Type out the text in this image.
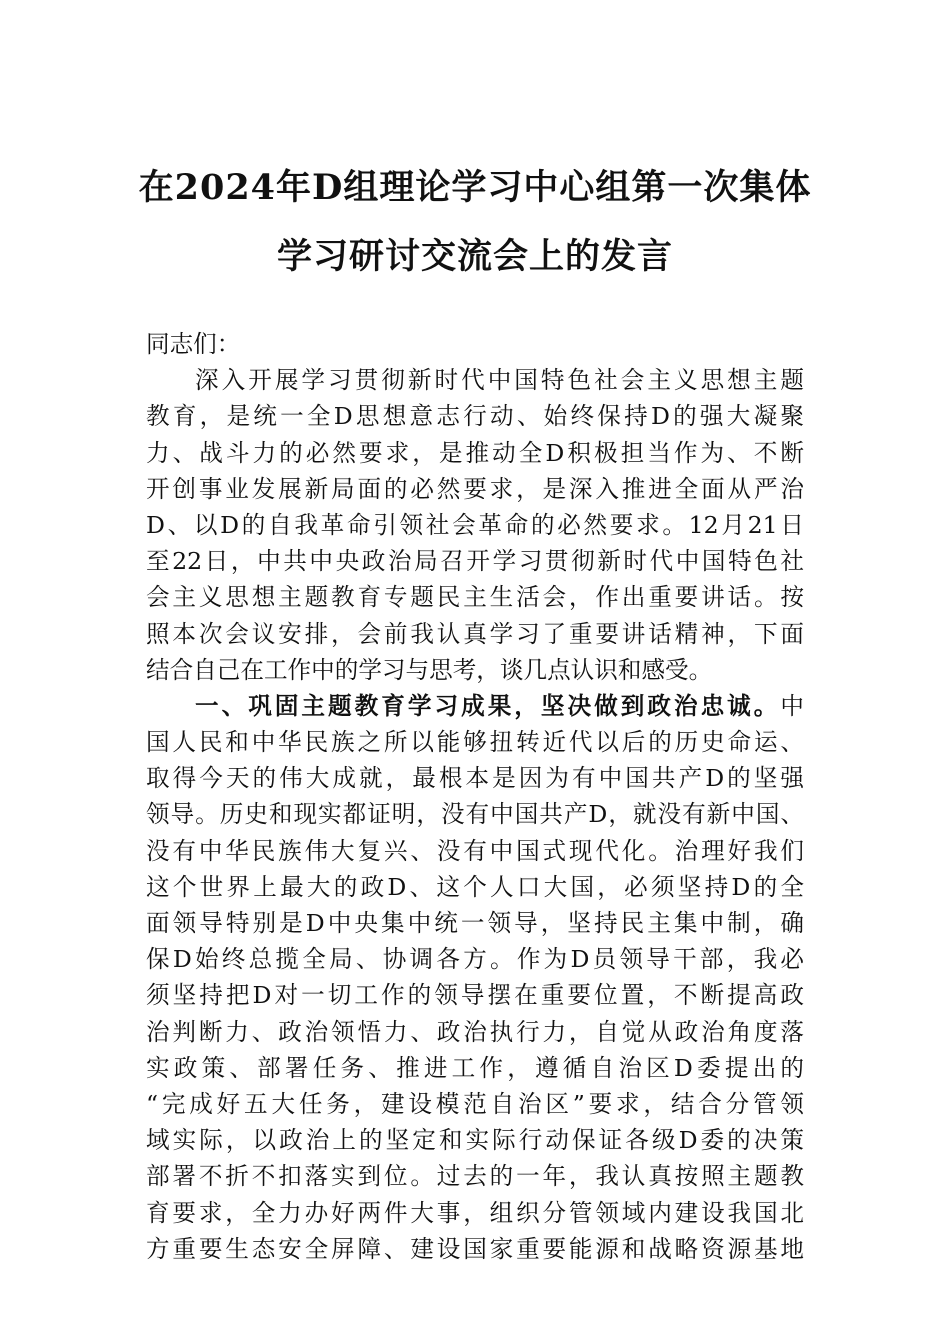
在2024年D组理论学习中心组第一次集体
学习研讨交流会上的发言
同志们：
深入开展学习贯彻新时代中国特色社会主义思想主题
教育，是统一全D思想意志行动、始终保持D的强大凝聚
力、战斗力的必然要求，是推动全D积极担当作为、不断
开创事业发展新局面的必然要求，是深入推进全面从严治
D、以D的自我革命引领社会革命的必然要求。12月21日
至22日，中共中央政治局召开学习贯彻新时代中国特色社
会主义思想主题教育专题民主生活会，作出重要讲话。按
照本次会议安排，会前我认真学习了重要讲话精神，下面
结合自己在工作中的学习与思考，谈几点认识和感受。
一、巩固主题教育学习成果，坚决做到政治忠诚。中
国人民和中华民族之所以能够扭转近代以后的历史命运、
取得今天的伟大成就，最根本是因为有中国共产D的坚强
领导。历史和现实都证明，没有中国共产D，就没有新中国、
没有中华民族伟大复兴、没有中国式现代化。治理好我们
这个世界上最大的政D、这个人口大国，必须坚持D的全
面领导特别是D中央集中统一领导，坚持民主集中制，确
保D始终总揽全局、协调各方。作为D员领导干部，我必
须坚持把D对一切工作的领导摆在重要位置，不断提高政
治判断力、政治领悟力、政治执行力，自觉从政治角度落
实政策、部署任务、推进工作，遵循自治区D委提出的
“完成好五大任务，建设模范自治区”要求，结合分管领
域实际，以政治上的坚定和实际行动保证各级D委的决策
部署不折不扣落实到位。过去的一年，我认真按照主题教
育要求，全力办好两件大事，组织分管领域内建设我国北
方重要生态安全屏障、建设国家重要能源和战略资源基地
